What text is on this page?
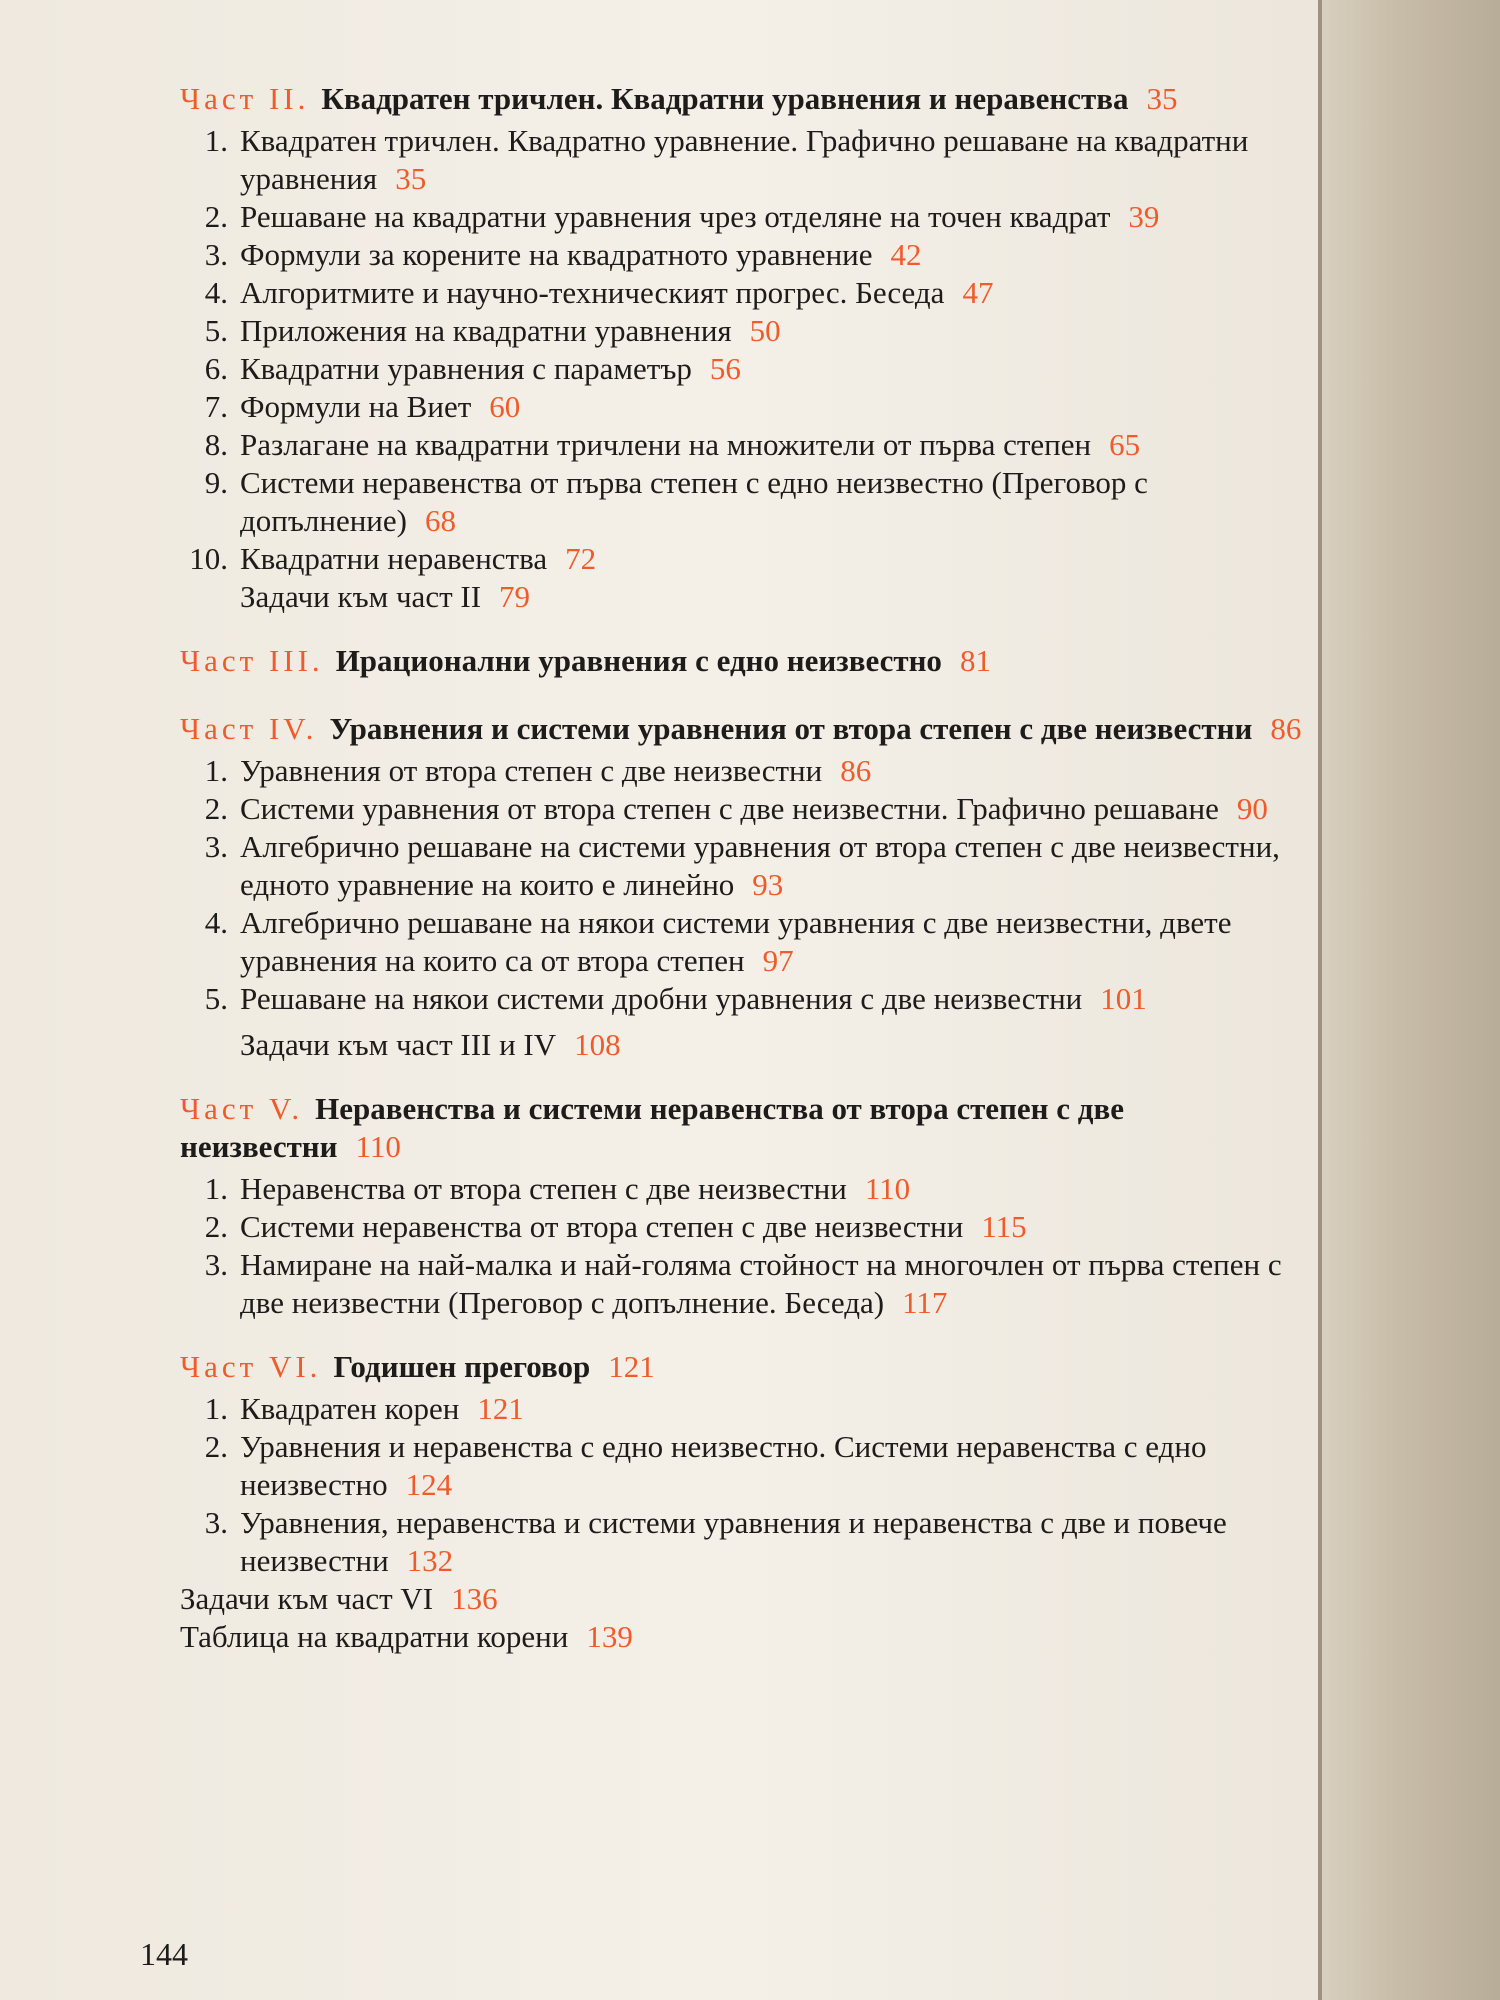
Част II. Квадратен тричлен. Квадратни уравнения и неравенства 35
1. Квадратен тричлен. Квадратно уравнение. Графично решаване на квадратни уравнения 35
2. Решаване на квадратни уравнения чрез отделяне на точен квадрат 39
3. Формули за корените на квадратното уравнение 42
4. Алгоритмите и научно-техническият прогрес. Беседа 47
5. Приложения на квадратни уравнения 50
6. Квадратни уравнения с параметър 56
7. Формули на Виет 60
8. Разлагане на квадратни тричлени на множители от първа степен 65
9. Системи неравенства от първа степен с едно неизвестно (Преговор с допълнение) 68
10. Квадратни неравенства 72
Задачи към част II 79
Част III. Ирационални уравнения с едно неизвестно 81
Част IV. Уравнения и системи уравнения от втора степен с две неизвестни 86
1. Уравнения от втора степен с две неизвестни 86
2. Системи уравнения от втора степен с две неизвестни. Графично решаване 90
3. Алгебрично решаване на системи уравнения от втора степен с две неизвестни, едното уравнение на които е линейно 93
4. Алгебрично решаване на някои системи уравнения с две неизвестни, двете уравнения на които са от втора степен 97
5. Решаване на някои системи дробни уравнения с две неизвестни 101
Задачи към част III и IV 108
Част V. Неравенства и системи неравенства от втора степен с две неизвестни 110
1. Неравенства от втора степен с две неизвестни 110
2. Системи неравенства от втора степен с две неизвестни 115
3. Намиране на най-малка и най-голяма стойност на многочлен от първа степен с две неизвестни (Преговор с допълнение. Беседа) 117
Част VI. Годишен преговор 121
1. Квадратен корен 121
2. Уравнения и неравенства с едно неизвестно. Системи неравенства с едно неизвестно 124
3. Уравнения, неравенства и системи уравнения и неравенства с две и повече неизвестни 132
Задачи към част VI 136
Таблица на квадратни корени 139
144
